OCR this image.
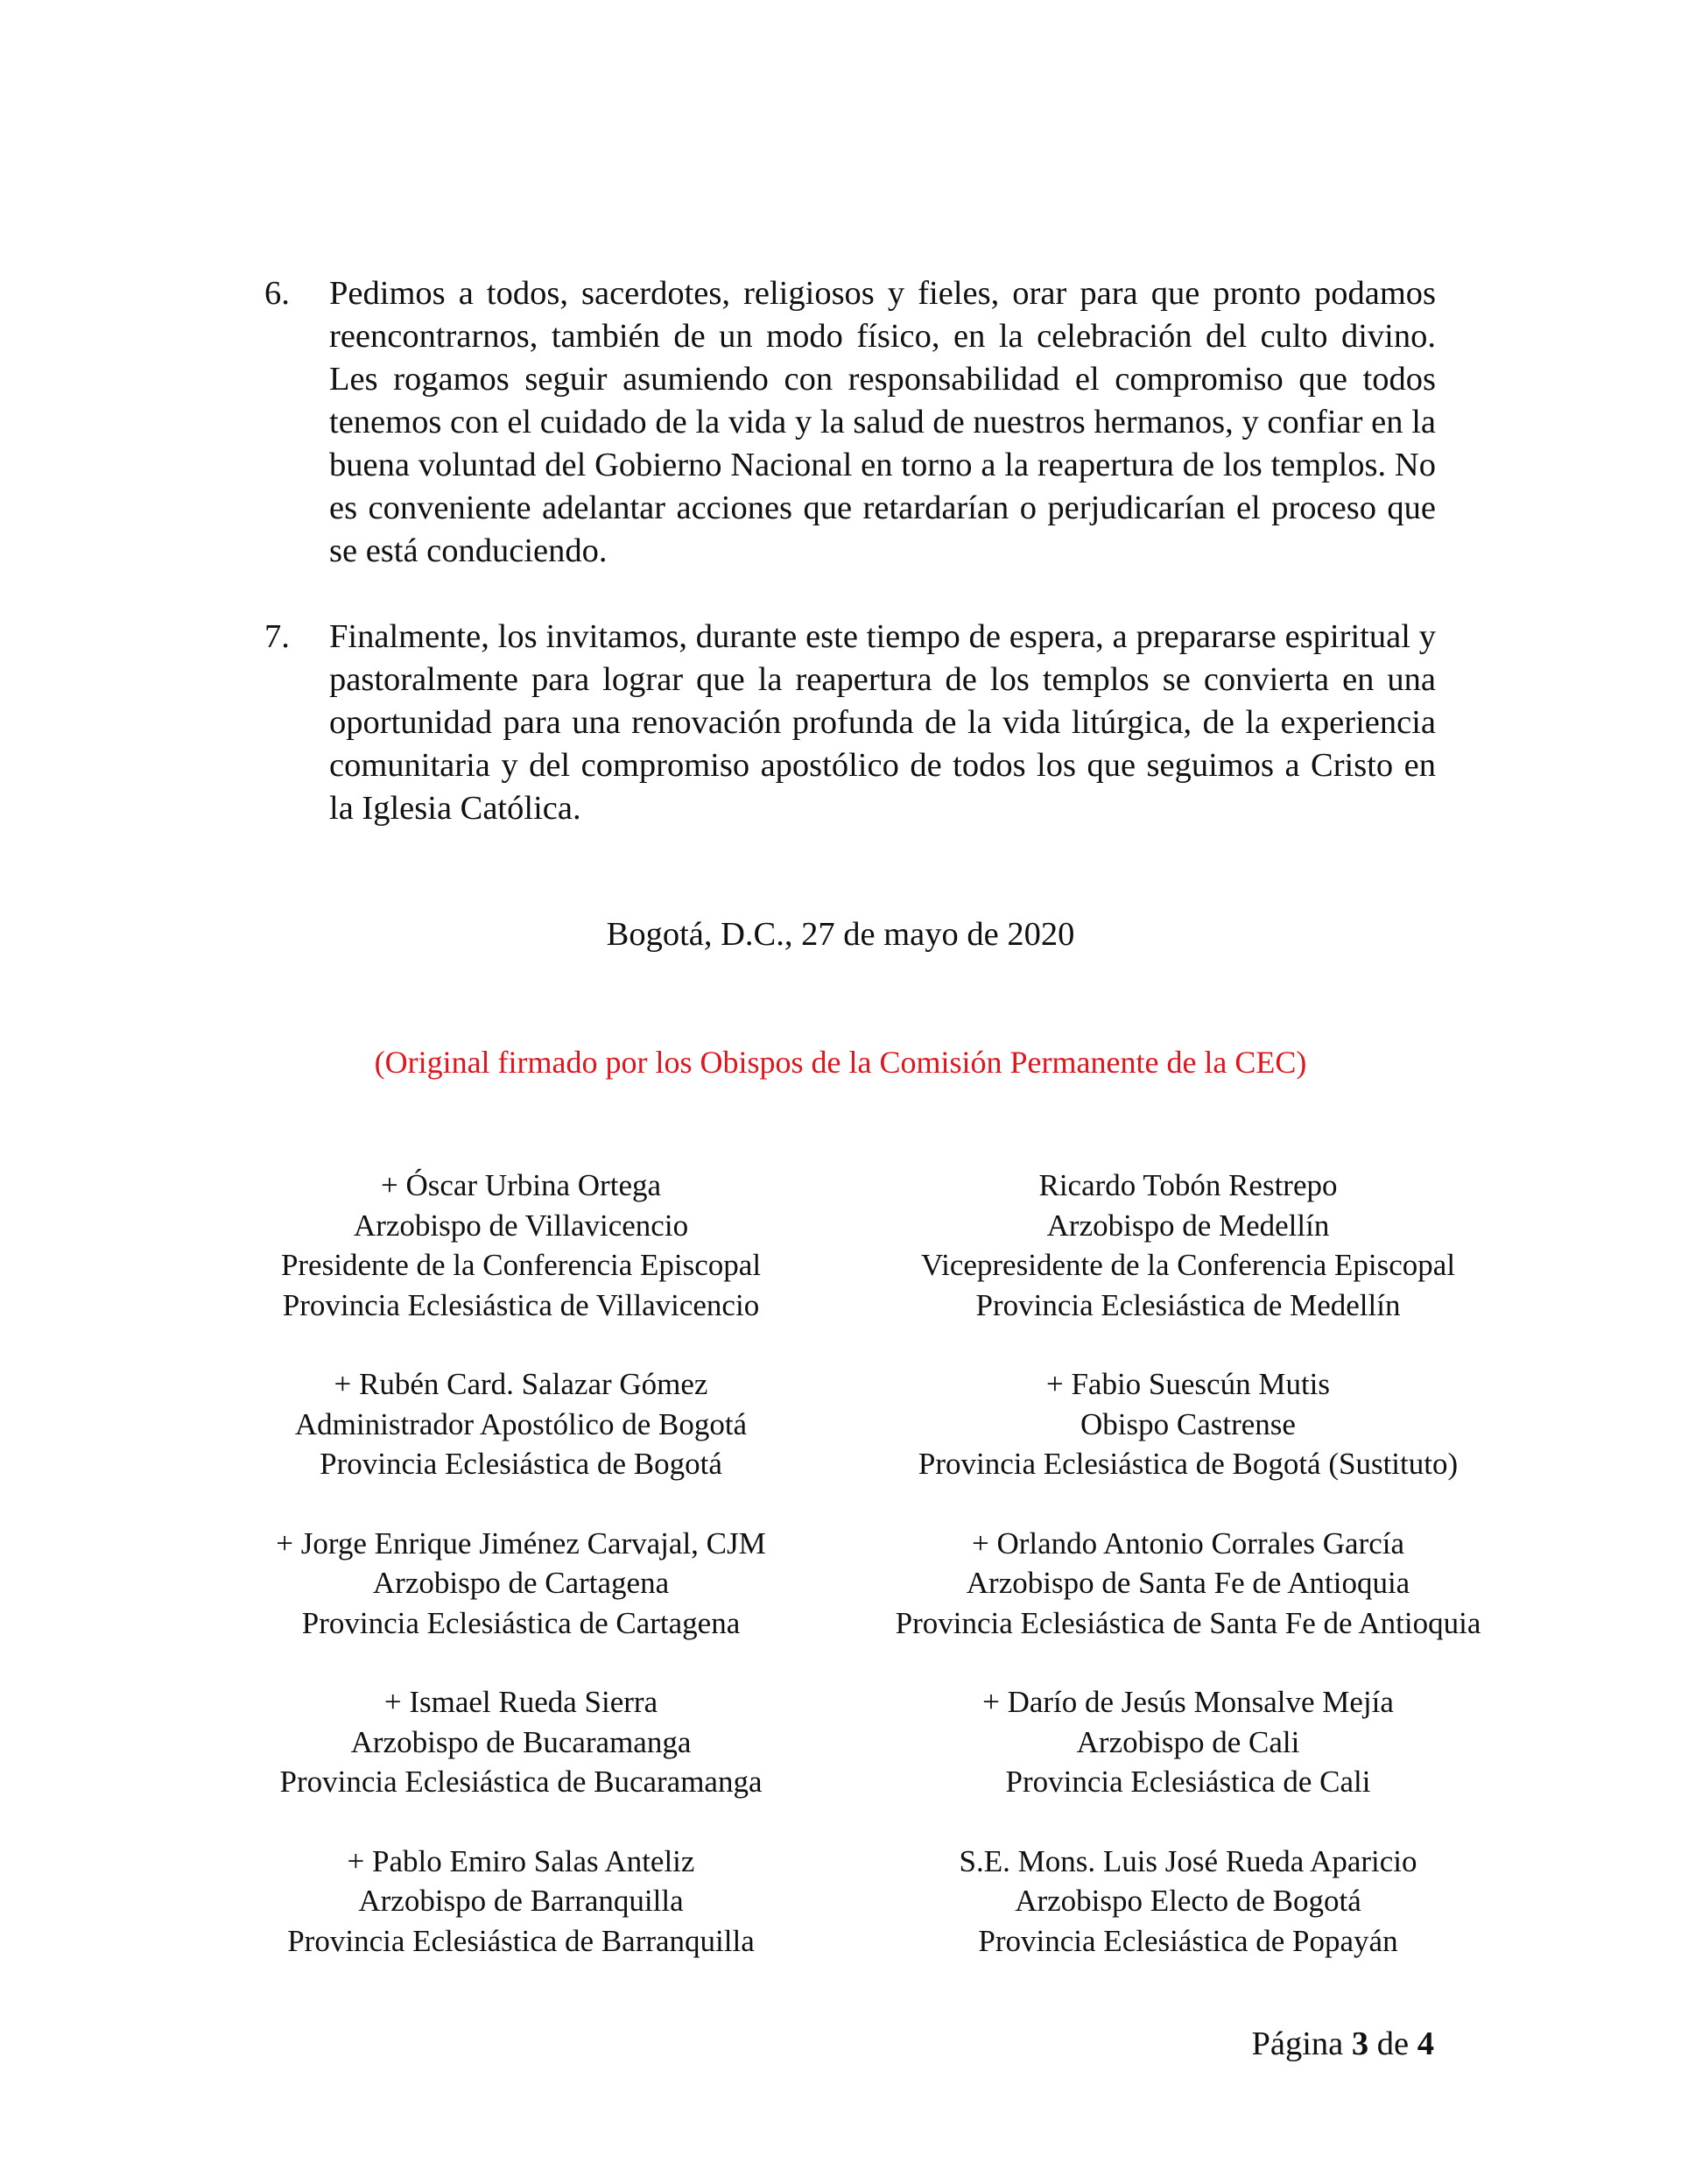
6.	Pedimos a todos, sacerdotes, religiosos y fieles, orar para que pronto podamos reencontrarnos, también de un modo físico, en la celebración del culto divino. Les rogamos seguir asumiendo con responsabilidad el compromiso que todos tenemos con el cuidado de la vida y la salud de nuestros hermanos, y confiar en la buena voluntad del Gobierno Nacional en torno a la reapertura de los templos. No es conveniente adelantar acciones que retardarían o perjudicarían el proceso que se está conduciendo.
7.	Finalmente, los invitamos, durante este tiempo de espera, a prepararse espiritual y pastoralmente para lograr que la reapertura de los templos se convierta en una oportunidad para una renovación profunda de la vida litúrgica, de la experiencia comunitaria y del compromiso apostólico de todos los que seguimos a Cristo en la Iglesia Católica.
Bogotá, D.C., 27 de mayo de 2020
(Original firmado por los Obispos de la Comisión Permanente de la CEC)
+ Óscar Urbina Ortega
Arzobispo de Villavicencio
Presidente de la Conferencia Episcopal
Provincia Eclesiástica de Villavicencio
+ Rubén Card. Salazar Gómez
Administrador Apostólico de Bogotá
Provincia Eclesiástica de Bogotá
+ Jorge Enrique Jiménez Carvajal, CJM
Arzobispo de Cartagena
Provincia Eclesiástica de Cartagena
+ Ismael Rueda Sierra
Arzobispo de Bucaramanga
Provincia Eclesiástica de Bucaramanga
+ Pablo Emiro Salas Anteliz
Arzobispo de Barranquilla
Provincia Eclesiástica de Barranquilla
Ricardo Tobón Restrepo
Arzobispo de Medellín
Vicepresidente de la Conferencia Episcopal
Provincia Eclesiástica de Medellín
+ Fabio Suescún Mutis
Obispo Castrense
Provincia Eclesiástica de Bogotá (Sustituto)
+ Orlando Antonio Corrales García
Arzobispo de Santa Fe de Antioquia
Provincia Eclesiástica de Santa Fe de Antioquia
+ Darío de Jesús Monsalve Mejía
Arzobispo de Cali
Provincia Eclesiástica de Cali
S.E. Mons. Luis José Rueda Aparicio
Arzobispo Electo de Bogotá
Provincia Eclesiástica de Popayán
Página 3 de 4
